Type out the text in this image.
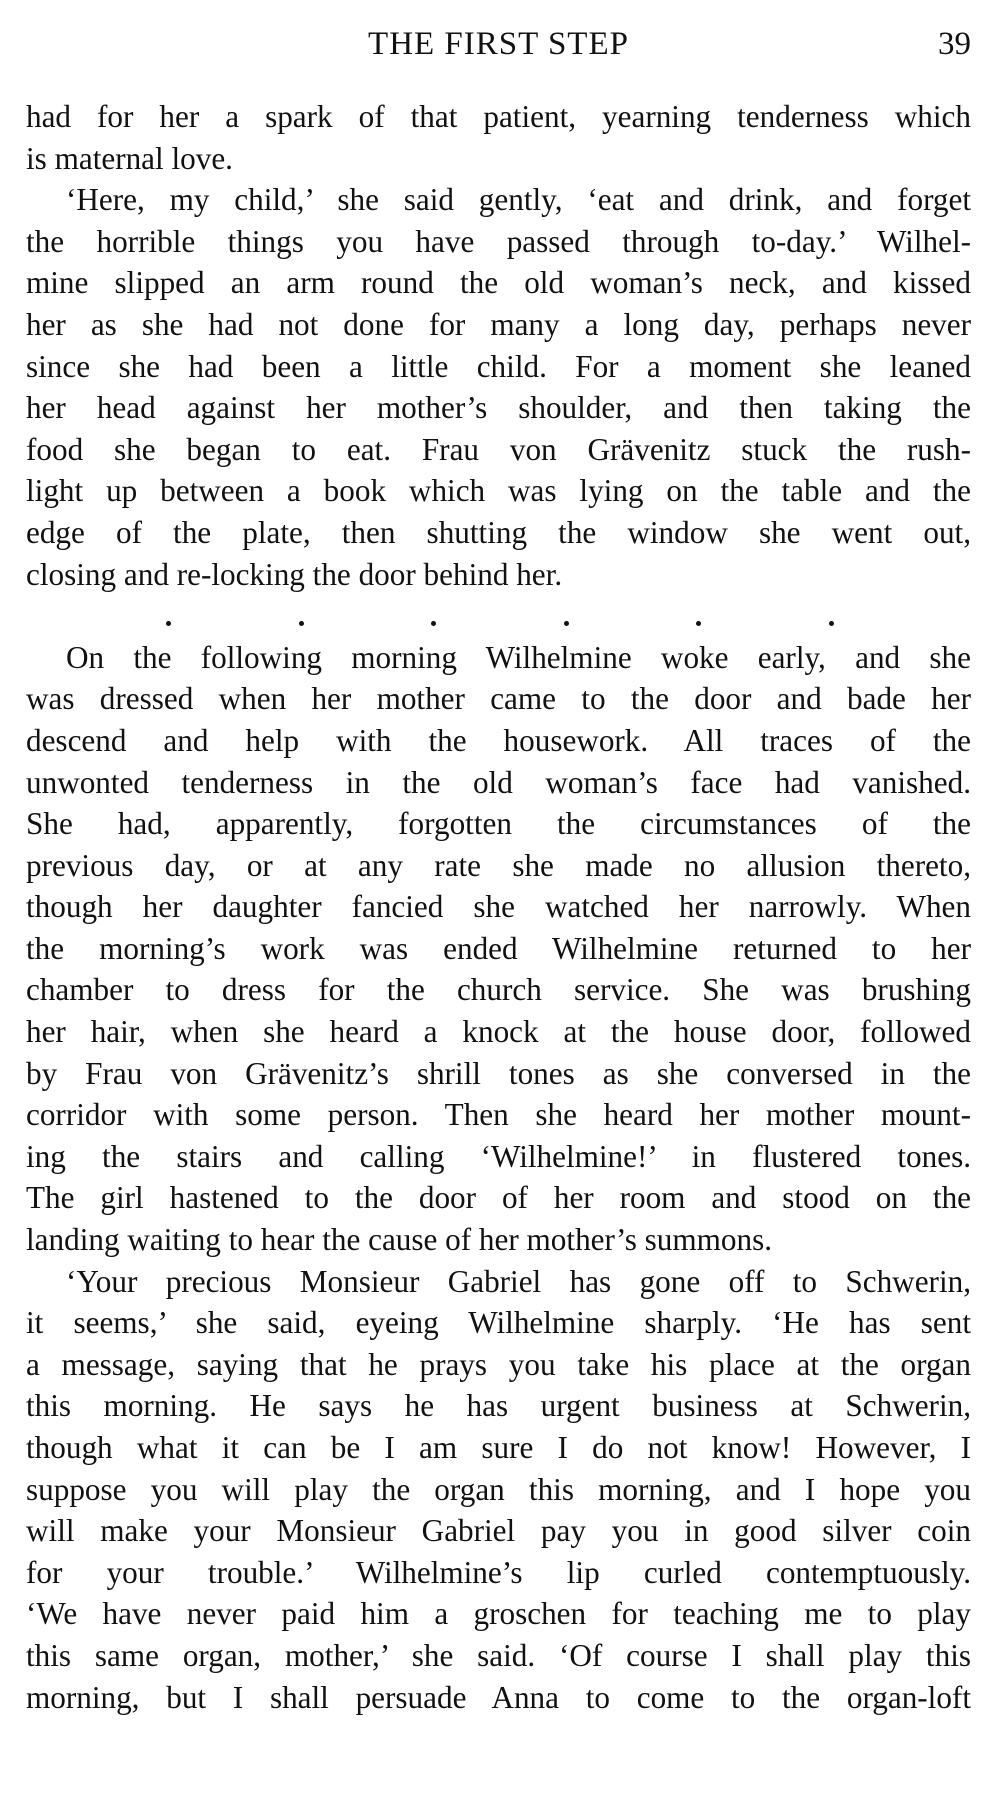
THE FIRST STEP	39
had for her a spark of that patient, yearning tenderness which
is maternal love.
‘Here, my child,’ she said gently, ‘eat and drink, and forget
the horrible things you have passed through to-day.’ Wilhel-
mine slipped an arm round the old woman’s neck, and kissed
her as she had not done for many a long day, perhaps never
since she had been a little child. For a moment she leaned
her head against her mother’s shoulder, and then taking the
food she began to eat. Frau von Grävenitz stuck the rush-
light up between a book which was lying on the table and the
edge of the plate, then shutting the window she went out,
closing and re-locking the door behind her.
On the following morning Wilhelmine woke early, and she
was dressed when her mother came to the door and bade her
descend and help with the housework. All traces of the
unwonted tenderness in the old woman’s face had vanished.
She had, apparently, forgotten the circumstances of the
previous day, or at any rate she made no allusion thereto,
though her daughter fancied she watched her narrowly. When
the morning’s work was ended Wilhelmine returned to her
chamber to dress for the church service. She was brushing
her hair, when she heard a knock at the house door, followed
by Frau von Grävenitz’s shrill tones as she conversed in the
corridor with some person. Then she heard her mother mount-
ing the stairs and calling ‘Wilhelmine!’ in flustered tones.
The girl hastened to the door of her room and stood on the
landing waiting to hear the cause of her mother’s summons.
‘Your precious Monsieur Gabriel has gone off to Schwerin,
it seems,’ she said, eyeing Wilhelmine sharply. ‘He has sent
a message, saying that he prays you take his place at the organ
this morning. He says he has urgent business at Schwerin,
though what it can be I am sure I do not know! However, I
suppose you will play the organ this morning, and I hope you
will make your Monsieur Gabriel pay you in good silver coin
for your trouble.’ Wilhelmine’s lip curled contemptuously.
‘We have never paid him a groschen for teaching me to play
this same organ, mother,’ she said. ‘Of course I shall play this
morning, but I shall persuade Anna to come to the organ-loft
